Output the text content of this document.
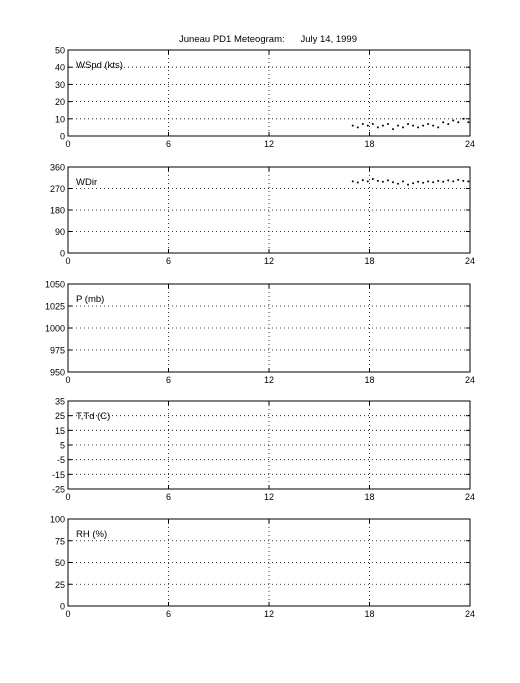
Juneau PD1 Meteogram:      July 14, 1999
0	6	12	18	24
0
10
20
30
40
50
WSpd (kts)
0	6	12	18	24
0
90
180
270
360
WDir
0	6	12	18	24
950
975
1000
1025
1050
P (mb)
0	6	12	18	24
-25
-15
-5
5
15
25
35
T,Td (C)
0	6	12	18	24
0
25
50
75
100
RH (%)
